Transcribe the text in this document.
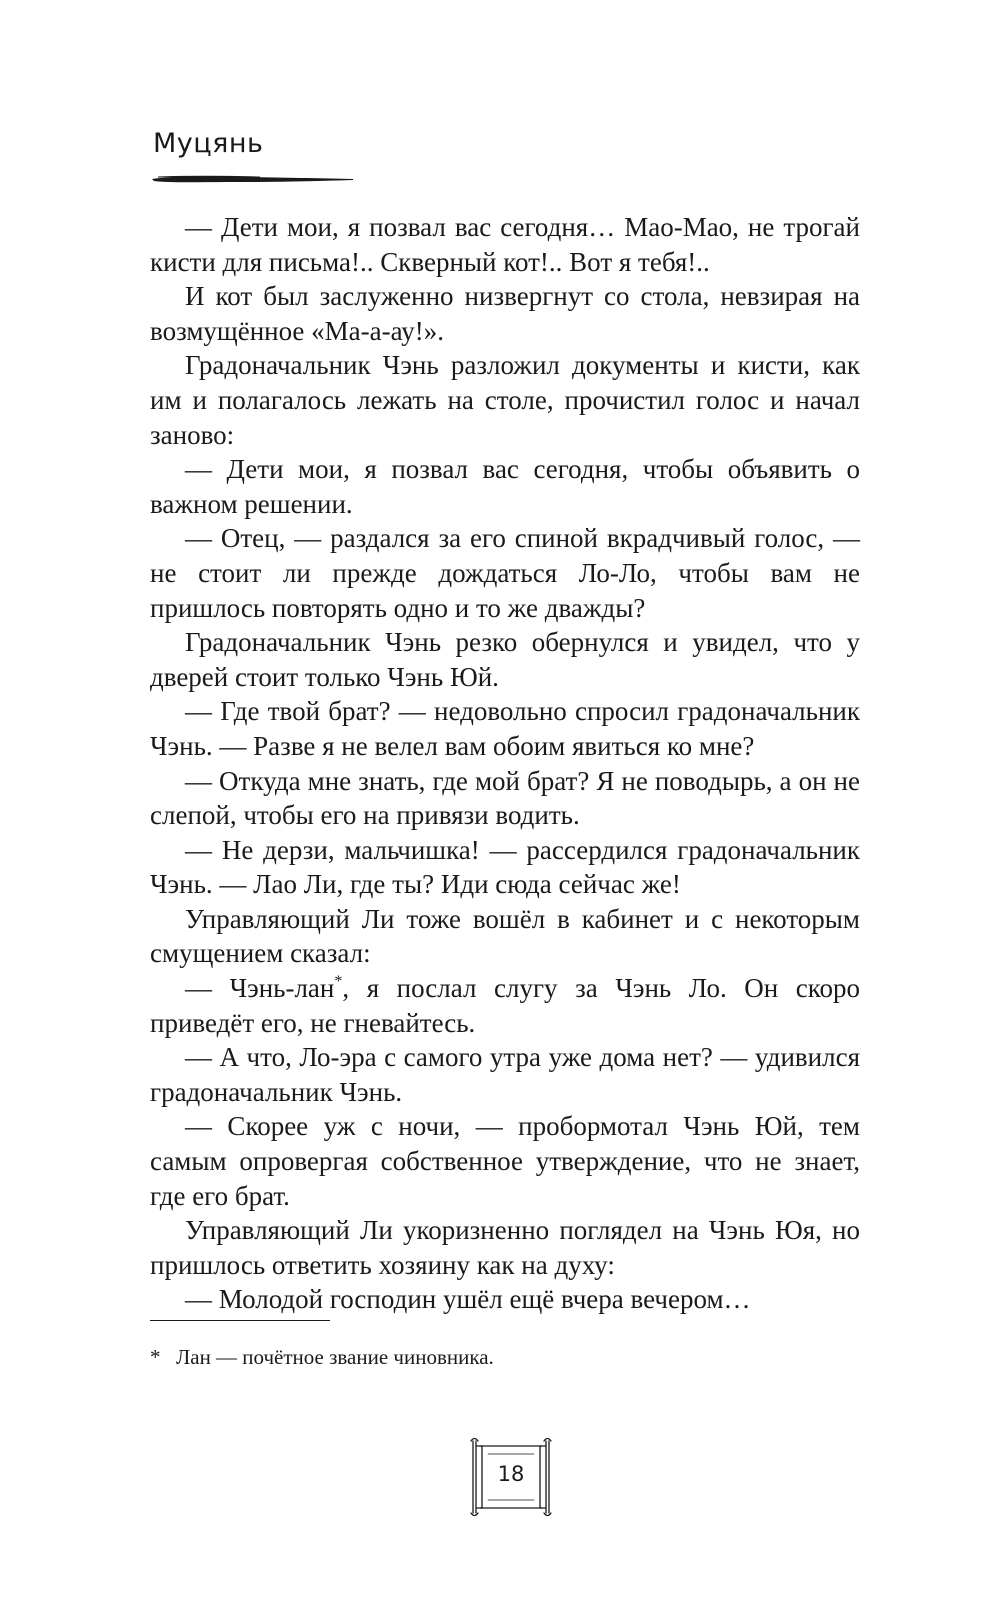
Муцянь

— Дети мои, я позвал вас сегодня… Мао-Мао, не трогай кисти для письма!.. Скверный кот!.. Вот я тебя!..

И кот был заслуженно низвергнут со стола, невзирая на возмущённое «Ма-а-ау!».

Градоначальник Чэнь разложил документы и кисти, как им и полагалось лежать на столе, прочистил голос и начал заново:

— Дети мои, я позвал вас сегодня, чтобы объявить о важном решении.

— Отец, — раздался за его спиной вкрадчивый голос, — не стоит ли прежде дождаться Ло-Ло, чтобы вам не пришлось повторять одно и то же дважды?

Градоначальник Чэнь резко обернулся и увидел, что у дверей стоит только Чэнь Юй.

— Где твой брат? — недовольно спросил градоначальник Чэнь. — Разве я не велел вам обоим явиться ко мне?

— Откуда мне знать, где мой брат? Я не поводырь, а он не слепой, чтобы его на привязи водить.

— Не дерзи, мальчишка! — рассердился градоначальник Чэнь. — Лао Ли, где ты? Иди сюда сейчас же!

Управляющий Ли тоже вошёл в кабинет и с некоторым смущением сказал:

— Чэнь-лан*, я послал слугу за Чэнь Ло. Он скоро приведёт его, не гневайтесь.

— А что, Ло-эра с самого утра уже дома нет? — удивился градоначальник Чэнь.

— Скорее уж с ночи, — пробормотал Чэнь Юй, тем самым опровергая собственное утверждение, что не знает, где его брат.

Управляющий Ли укоризненно поглядел на Чэнь Юя, но пришлось ответить хозяину как на духу:

— Молодой господин ушёл ещё вчера вечером…

* Лан — почётное звание чиновника.
18
